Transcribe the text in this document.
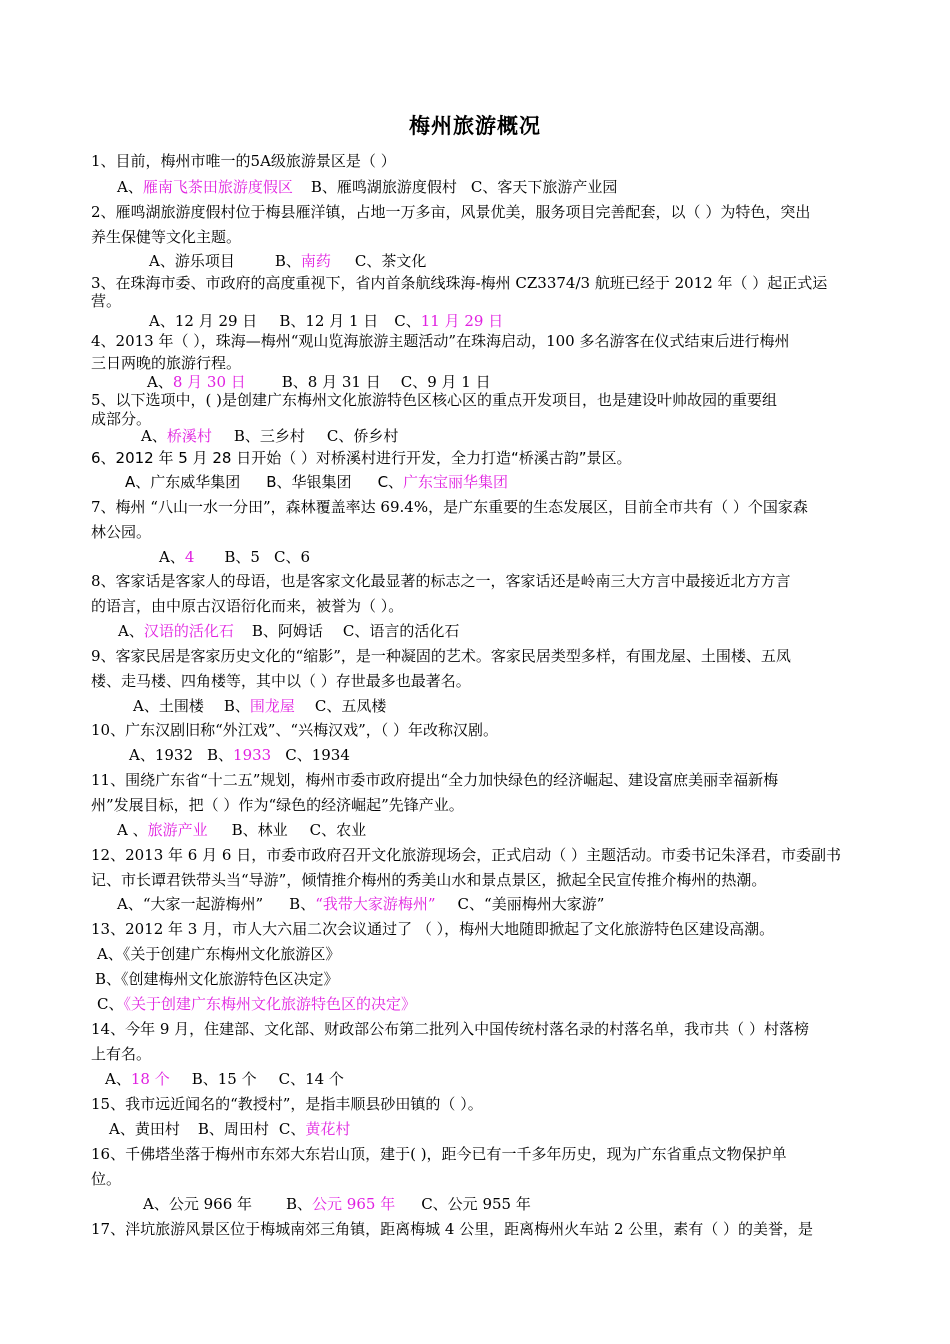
梅州旅游概况
1、目前，梅州市唯一的5A级旅游景区是（ ）
A、雁南飞茶田旅游度假区 B、雁鸣湖旅游度假村 C、客天下旅游产业园
2、雁鸣湖旅游度假村位于梅县雁洋镇，占地一万多亩，风景优美，服务项目完善配套，以（ ）为特色，突出
养生保健等文化主题。
A、游乐项目	B、南药 C、茶文化
3、在珠海市委、市政府的高度重视下，省内首条航线珠海-梅州 CZ3374/3 航班已经于 2012 年（ ）起正式运
营。
A、12 月 29 日 B、12 月 1 日 C、11 月 29 日
4、2013 年（ ），珠海—梅州“观山览海旅游主题活动”在珠海启动，100 多名游客在仪式结束后进行梅州
三日两晚的旅游行程。
A、8 月 30 日 B、8 月 31 日 C、9 月 1 日
5、以下选项中，( )是创建广东梅州文化旅游特色区核心区的重点开发项目，也是建设叶帅故园的重要组
成部分。
A、桥溪村 B、三乡村 C、侨乡村
6、2012 年 5 月 28 日开始（ ）对桥溪村进行开发，全力打造“桥溪古韵”景区。
A、广东威华集团 B、华银集团 C、广东宝丽华集团
7、梅州 “八山一水一分田”，森林覆盖率达 69.4%，是广东重要的生态发展区，目前全市共有（ ）个国家森
林公园。
A、4 B、5 C、6
8、客家话是客家人的母语，也是客家文化最显著的标志之一，客家话还是岭南三大方言中最接近北方方言
的语言，由中原古汉语衍化而来，被誉为（ ）。
A、汉语的活化石 B、阿姆话 C、语言的活化石
9、客家民居是客家历史文化的“缩影”，是一种凝固的艺术。客家民居类型多样，有围龙屋、土围楼、五凤
楼、走马楼、四角楼等，其中以（ ）存世最多也最著名。
A、土围楼 B、围龙屋 C、五凤楼
10、广东汉剧旧称“外江戏”、“兴梅汉戏”，（ ）年改称汉剧。
A、1932 B、1933 C、1934
11、围绕广东省“十二五”规划，梅州市委市政府提出“全力加快绿色的经济崛起、建设富庶美丽幸福新梅
州”发展目标，把（ ）作为“绿色的经济崛起”先锋产业。
A 、旅游产业 B、林业 C、农业
12、2013 年 6 月 6 日，市委市政府召开文化旅游现场会，正式启动（ ）主题活动。市委书记朱泽君，市委副书
记、市长谭君铁带头当“导游”，倾情推介梅州的秀美山水和景点景区，掀起全民宣传推介梅州的热潮。
A、“大家一起游梅州” B、“我带大家游梅州” C、“美丽梅州大家游”
13、2012 年 3 月，市人大六届二次会议通过了 （ ），梅州大地随即掀起了文化旅游特色区建设高潮。
A、《关于创建广东梅州文化旅游区》
B、《创建梅州文化旅游特色区决定》
C、《关于创建广东梅州文化旅游特色区的决定》
14、今年 9 月，住建部、文化部、财政部公布第二批列入中国传统村落名录的村落名单，我市共（ ）村落榜
上有名。
A、18 个 B、15 个 C、14 个
15、我市远近闻名的“教授村”，是指丰顺县砂田镇的（ ）。
A、黄田村 B、周田村 C、黄花村
16、千佛塔坐落于梅州市东郊大东岩山顶，建于( )，距今已有一千多年历史，现为广东省重点文物保护单
位。
A、公元 966 年 B、公元 965 年 C、公元 955 年
17、泮坑旅游风景区位于梅城南郊三角镇，距离梅城 4 公里，距离梅州火车站 2 公里，素有（ ）的美誉，是
